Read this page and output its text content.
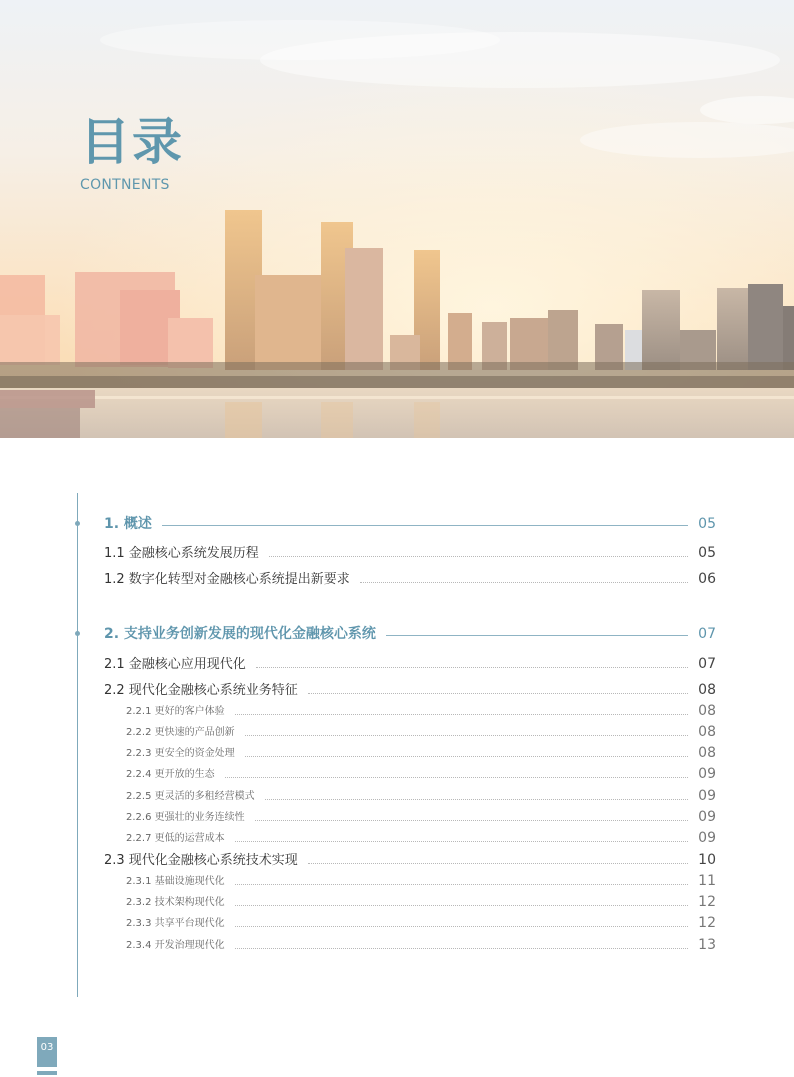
目录
CONTNENTS
1. 概述	05
1.1 金融核心系统发展历程	05
1.2 数字化转型对金融核心系统提出新要求	06
2. 支持业务创新发展的现代化金融核心系统	07
2.1 金融核心应用现代化	07
2.2 现代化金融核心系统业务特征	08
2.2.1 更好的客户体验	08
2.2.2 更快速的产品创新	08
2.2.3 更安全的资金处理	08
2.2.4 更开放的生态	09
2.2.5 更灵活的多租经营模式	09
2.2.6 更强壮的业务连续性	09
2.2.7 更低的运营成本	09
2.3 现代化金融核心系统技术实现	10
2.3.1 基础设施现代化	11
2.3.2 技术架构现代化	12
2.3.3 共享平台现代化	12
2.3.4 开发治理现代化	13
03
